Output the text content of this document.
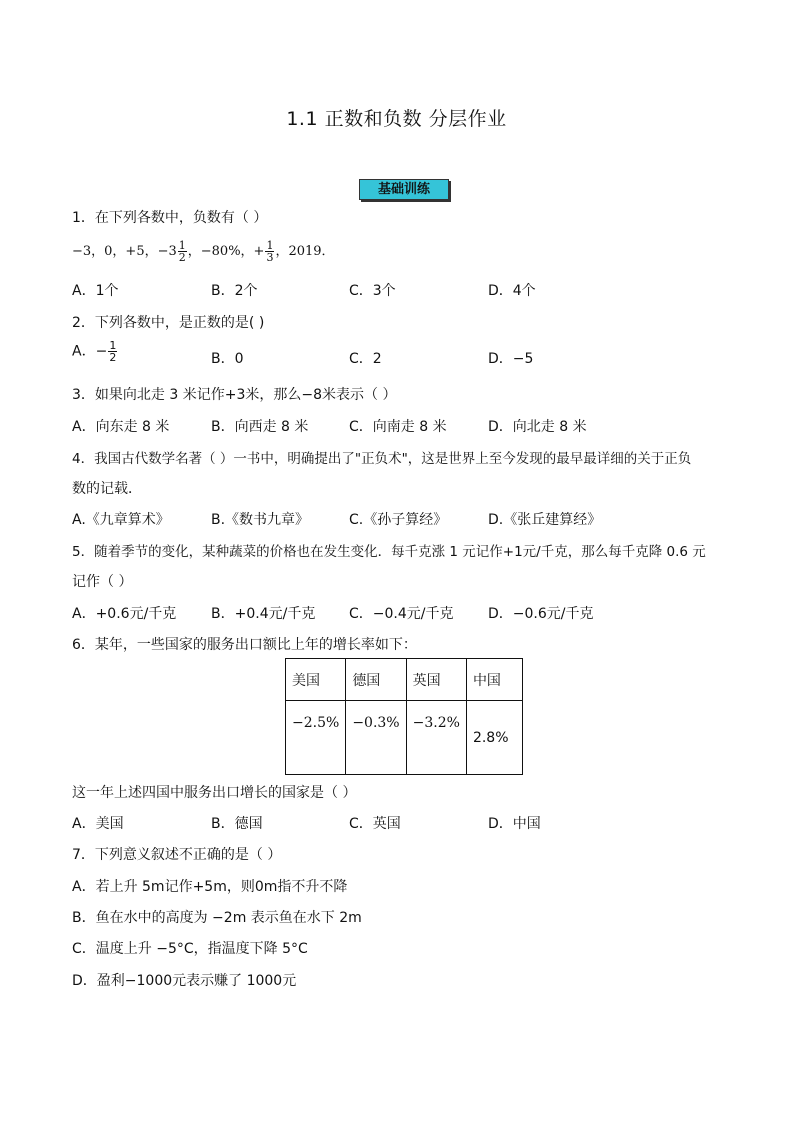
1.1 正数和负数 分层作业
基础训练
1．在下列各数中，负数有（ ）
−3，0，+5，$-3 \frac{1}{2}$ ，−80%，+ $\frac{1}{3}$ ，2019．
A．1个	B．2个	C．3个	D．4个
2．下列各数中，是正数的是( )
A．− $\frac{1}{2}$	B．0	C．2	D．−5
3．如果向北走 3 米记作+3米，那么−8米表示（ ）
A．向东走 8 米	B．向西走 8 米	C．向南走 8 米	D．向北走 8 米
4．我国古代数学名著（ ）一书中，明确提出了"正负术"，这是世界上至今发现的最早最详细的关于正负
数的记载．
A.《九章算术》	B.《数书九章》	C.《孙子算经》	D.《张丘建算经》
5．随着季节的变化，某种蔬菜的价格也在发生变化．每千克涨 1 元记作+1元/千克，那么每千克降 0.6 元
记作（ ）
A．+0.6元/千克 B．+0.4元/千克 C．−0.4元/千克 D．−0.6元/千克
6．某年，一些国家的服务出口额比上年的增长率如下：
美国	德国	英国	中国
−2.5%	−0.3%	−3.2%	2.8%
这一年上述四国中服务出口增长的国家是（ ）
A．美国	B．德国	C．英国	D．中国
7．下列意义叙述不正确的是（ ）
A．若上升 5m记作+5m，则0m指不升不降
B．鱼在水中的高度为 −2m 表示鱼在水下 2m
C．温度上升 −5°C，指温度下降 5°C
D．盈利−1000元表示赚了 1000元
